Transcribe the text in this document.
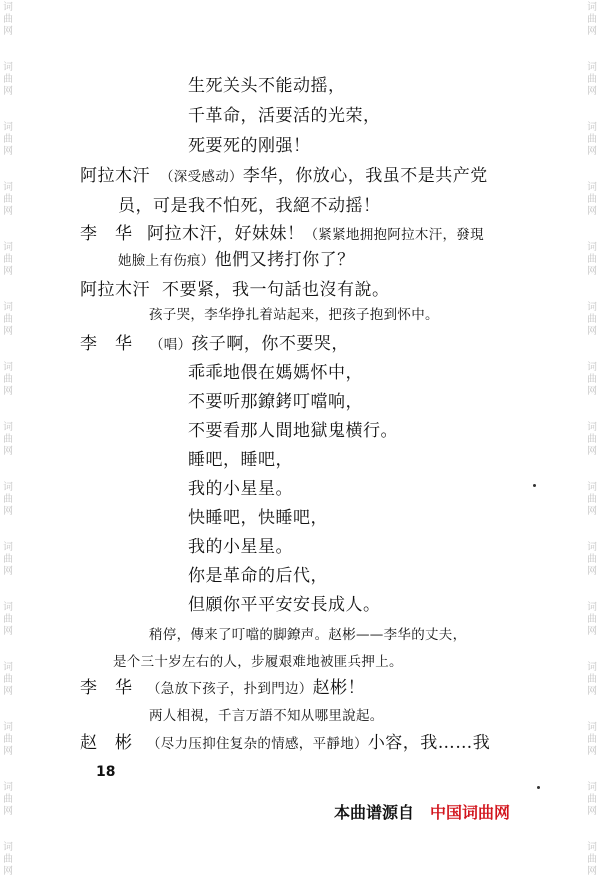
词曲网
词曲网
词曲网
词曲网
词曲网
词曲网
词曲网
词曲网
词曲网
词曲网
词曲网
词曲网
词曲网
词曲网
词曲网
词曲网
词曲网
词曲网
词曲网
词曲网
词曲网
词曲网
词曲网
词曲网
词曲网
词曲网
词曲网
词曲网
词曲网
词曲网
生死关头不能动摇，
千革命，活要活的光荣，
死要死的刚强！
阿拉木汗 （深受感动）李华，你放心，我虽不是共产党
员，可是我不怕死，我絕不动摇！
李　华 阿拉木汗，好妹妹！（紧紧地拥抱阿拉木汗，發現
她臉上有伤痕）他們又拷打你了？
阿拉木汗 不要紧，我一句話也沒有說。
孩子哭，李华挣扎着站起来，把孩子抱到怀中。
李　华 （唱）孩子啊，你不要哭，
乖乖地偎在媽媽怀中，
不要听那鐐銬叮噹响，
不要看那人間地獄鬼横行。
睡吧，睡吧，
我的小星星。
快睡吧，快睡吧，
我的小星星。
你是革命的后代，
但願你平平安安長成人。
稍停，傳来了叮噹的脚鐐声。赵彬——李华的丈夫，
是个三十岁左右的人，步履艰难地被匪兵押上。
李　华 （急放下孩子，扑到門边）赵彬！
两人相視，千言万語不知从哪里說起。
赵　彬 （尽力压抑住复杂的情感，平靜地）小容，我……我
18
本曲谱源自 中国词曲网
